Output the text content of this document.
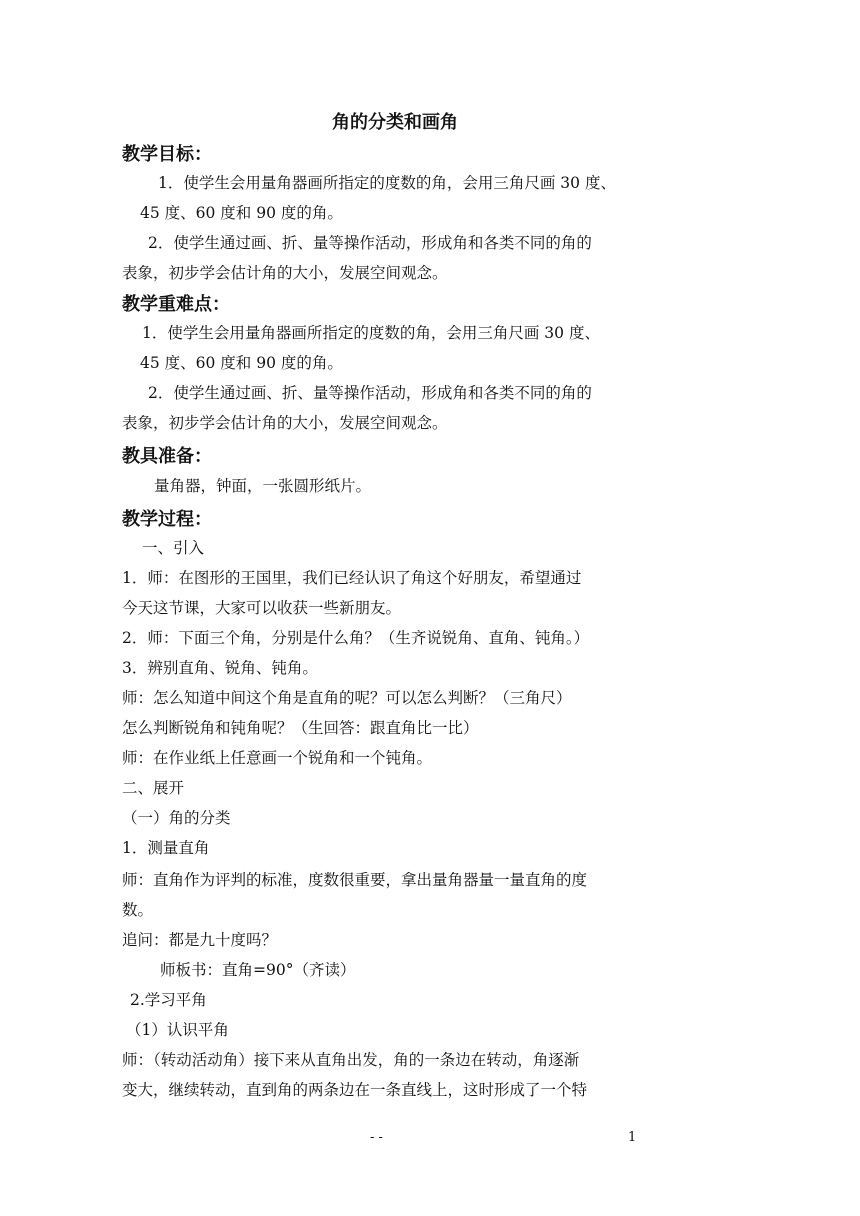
角的分类和画角
教学目标：
1．使学生会用量角器画所指定的度数的角，会用三角尺画 30 度、
45 度、60 度和 90 度的角。
2．使学生通过画、折、量等操作活动，形成角和各类不同的角的
表象，初步学会估计角的大小，发展空间观念。
教学重难点：
1．使学生会用量角器画所指定的度数的角，会用三角尺画 30 度、
45 度、60 度和 90 度的角。
2．使学生通过画、折、量等操作活动，形成角和各类不同的角的
表象，初步学会估计角的大小，发展空间观念。
教具准备：
量角器，钟面，一张圆形纸片。
教学过程：
一、引入
1．师：在图形的王国里，我们已经认识了角这个好朋友，希望通过
今天这节课，大家可以收获一些新朋友。
2．师：下面三个角，分别是什么角？（生齐说锐角、直角、钝角。）
3．辨别直角、锐角、钝角。
师：怎么知道中间这个角是直角的呢？可以怎么判断？（三角尺）
怎么判断锐角和钝角呢？（生回答：跟直角比一比）
师：在作业纸上任意画一个锐角和一个钝角。
二、展开
（一）角的分类
1．测量直角
师：直角作为评判的标准，度数很重要，拿出量角器量一量直角的度
数。
追问：都是九十度吗？
师板书：直角=90°（齐读）
2.学习平角
（1）认识平角
师：（转动活动角）接下来从直角出发，角的一条边在转动，角逐渐
变大，继续转动，直到角的两条边在一条直线上，这时形成了一个特
- -	1
